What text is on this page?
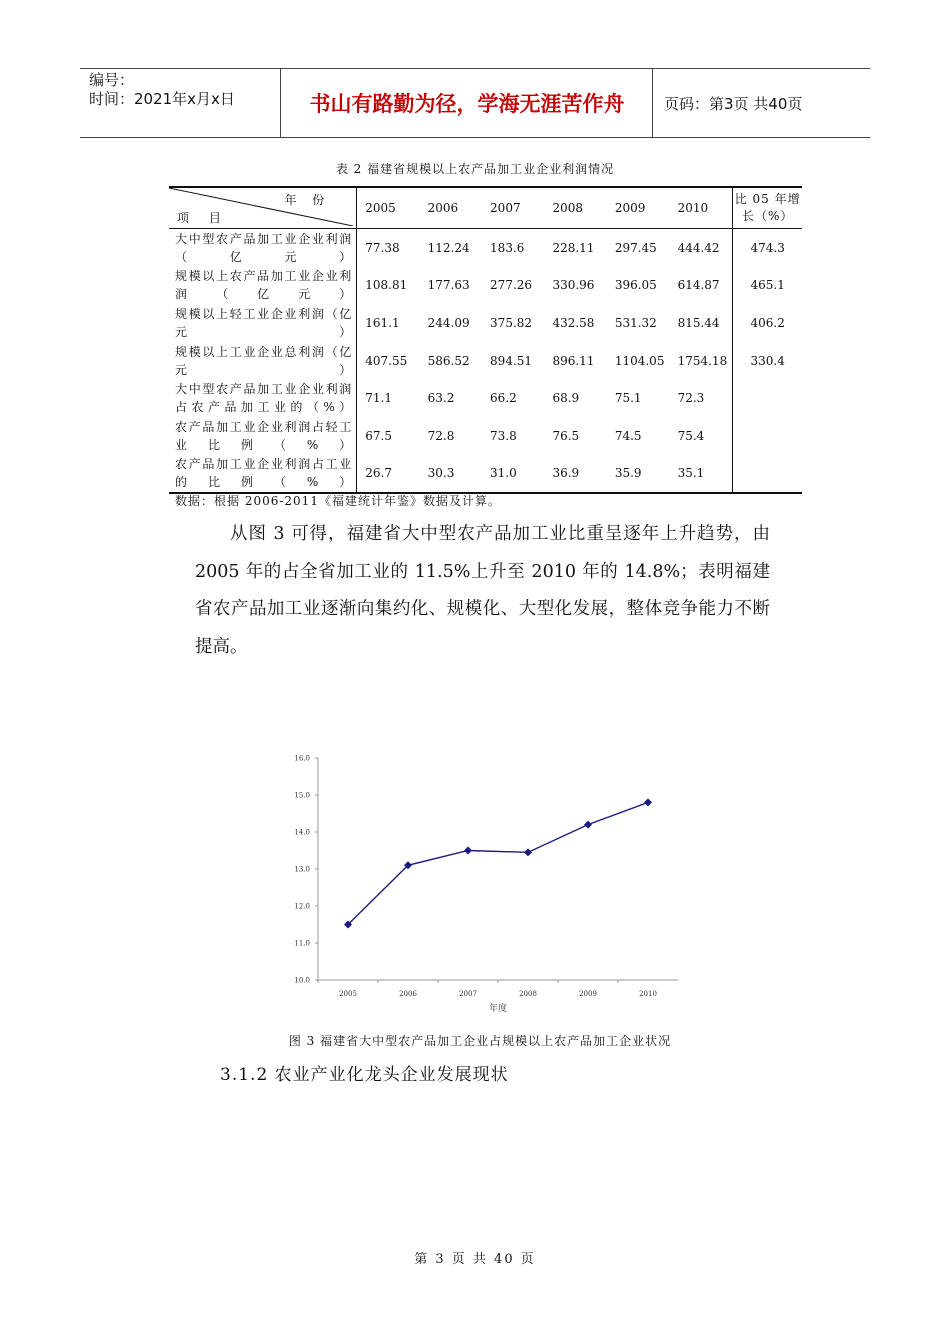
编号：
时间：2021年x月x日	书山有路勤为径，学海无涯苦作舟	页码：第3页 共40页
表 2 福建省规模以上农产品加工业企业利润情况
年 份
项 目	2005	2006	2007	2008	2009	2010	比 05 年增长（%）
大中型农产品加工业企业利润（亿元）	77.38	112.24	183.6	228.11	297.45	444.42	474.3
规模以上农产品加工业企业利润（亿元）	108.81	177.63	277.26	330.96	396.05	614.87	465.1
规模以上轻工业企业利润（亿元）	161.1	244.09	375.82	432.58	531.32	815.44	406.2
规模以上工业企业总利润（亿元）	407.55	586.52	894.51	896.11	1104.05	1754.18	330.4
大中型农产品加工业企业利润占农产品加工业的（%）	71.1	63.2	66.2	68.9	75.1	72.3	
农产品加工业企业利润占轻工业比例（%）	67.5	72.8	73.8	76.5	74.5	75.4	
农产品加工业企业利润占工业的比例（%）	26.7	30.3	31.0	36.9	35.9	35.1	
数据：根据 2006-2011《福建统计年鉴》数据及计算。

从图 3 可得，福建省大中型农产品加工业比重呈逐年上升趋势，由 2005 年的占全省加工业的 11.5%上升至 2010 年的 14.8%；表明福建省农产品加工业逐渐向集约化、规模化、大型化发展，整体竞争能力不断提高。

10.0
11.0
12.0
13.0
14.0
15.0
16.0
2005	2006	2007	2008	2009	2010
年度
图 3 福建省大中型农产品加工企业占规模以上农产品加工企业状况
3.1.2 农业产业化龙头企业发展现状
第 3 页 共 40 页
